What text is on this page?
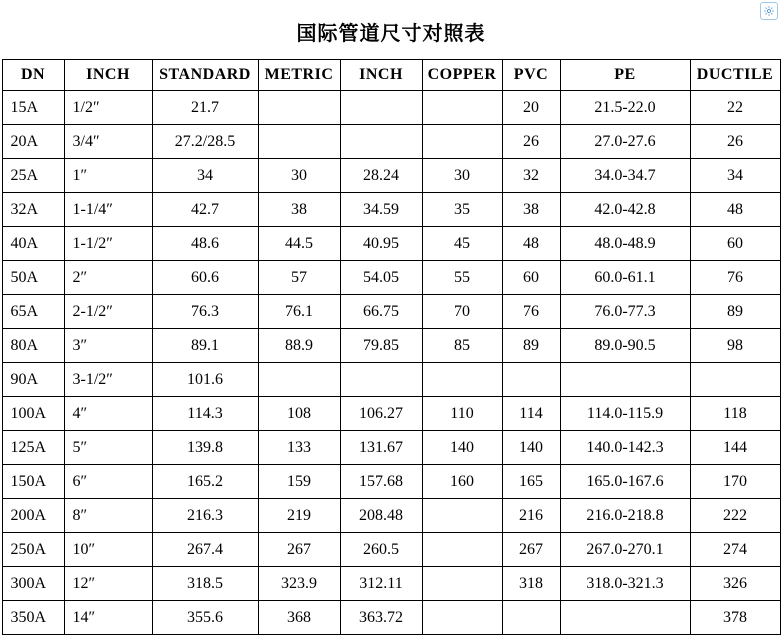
国际管道尺寸对照表
DN	INCH	STANDARD	METRIC	INCH	COPPER	PVC	PE	DUCTILE
15A	1/2″	21.7				20	21.5-22.0	22
20A	3/4″	27.2/28.5				26	27.0-27.6	26
25A	1″	34	30	28.24	30	32	34.0-34.7	34
32A	1-1/4″	42.7	38	34.59	35	38	42.0-42.8	48
40A	1-1/2″	48.6	44.5	40.95	45	48	48.0-48.9	60
50A	2″	60.6	57	54.05	55	60	60.0-61.1	76
65A	2-1/2″	76.3	76.1	66.75	70	76	76.0-77.3	89
80A	3″	89.1	88.9	79.85	85	89	89.0-90.5	98
90A	3-1/2″	101.6						
100A	4″	114.3	108	106.27	110	114	114.0-115.9	118
125A	5″	139.8	133	131.67	140	140	140.0-142.3	144
150A	6″	165.2	159	157.68	160	165	165.0-167.6	170
200A	8″	216.3	219	208.48		216	216.0-218.8	222
250A	10″	267.4	267	260.5		267	267.0-270.1	274
300A	12″	318.5	323.9	312.11		318	318.0-321.3	326
350A	14″	355.6	368	363.72				378
